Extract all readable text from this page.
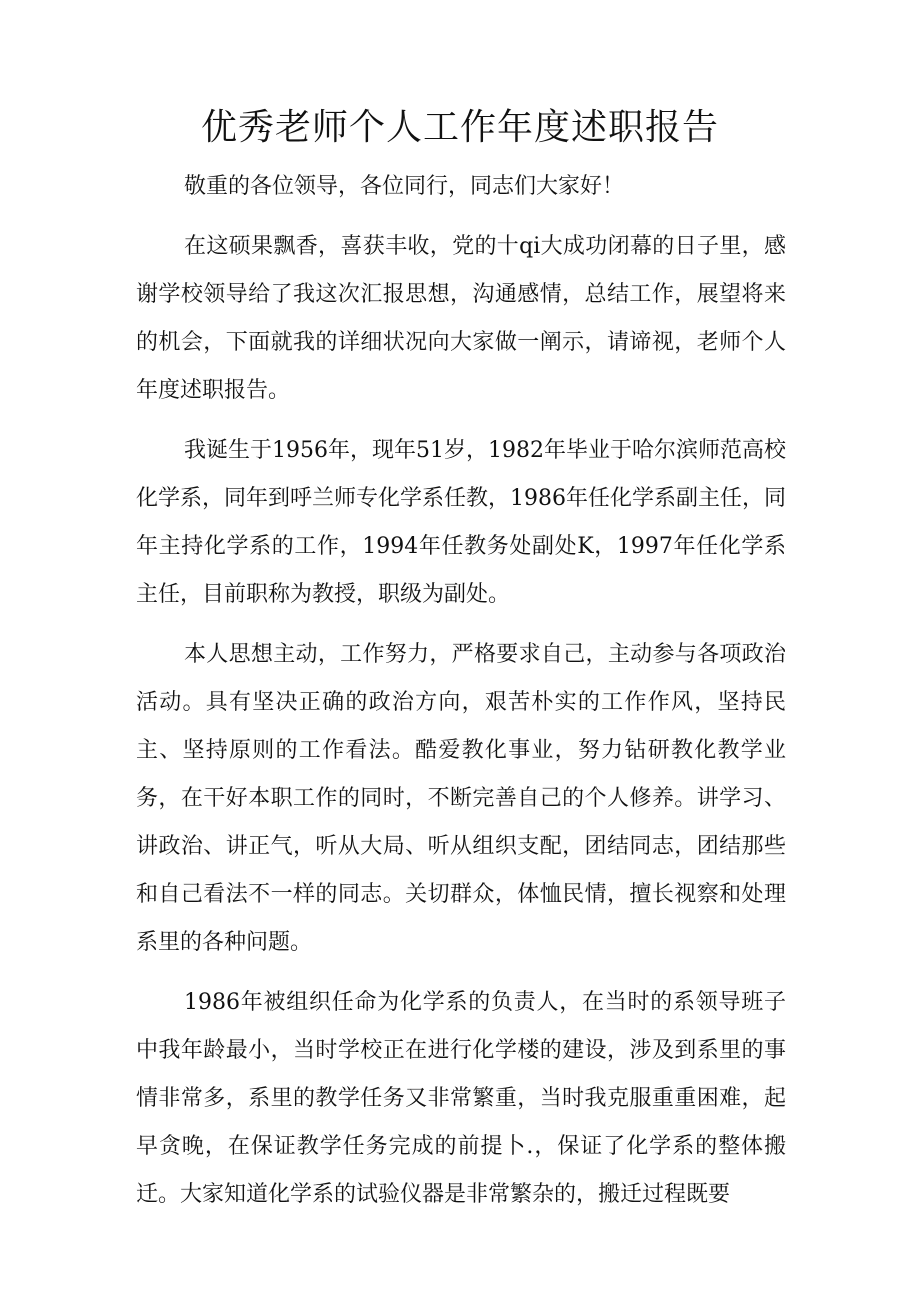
优秀老师个人工作年度述职报告

敬重的各位领导，各位同行，同志们大家好！

在这硕果飘香，喜获丰收，党的十qi大成功闭幕的日子里，感谢学校领导给了我这次汇报思想，沟通感情，总结工作，展望将来的机会，下面就我的详细状况向大家做一阐示，请谛视，老师个人年度述职报告。

我诞生于1956年，现年51岁，1982年毕业于哈尔滨师范高校化学系，同年到呼兰师专化学系任教，1986年任化学系副主任，同年主持化学系的工作，1994年任教务处副处K，1997年任化学系主任，目前职称为教授，职级为副处。

本人思想主动，工作努力，严格要求自己，主动参与各项政治活动。具有坚决正确的政治方向，艰苦朴实的工作作风，坚持民主、坚持原则的工作看法。酷爱教化事业，努力钻研教化教学业务，在干好本职工作的同时，不断完善自己的个人修养。讲学习、讲政治、讲正气，听从大局、听从组织支配，团结同志，团结那些和自己看法不一样的同志。关切群众，体恤民情，擅长视察和处理系里的各种问题。

1986年被组织任命为化学系的负责人，在当时的系领导班子中我年龄最小，当时学校正在进行化学楼的建设，涉及到系里的事情非常多，系里的教学任务又非常繁重，当时我克服重重困难，起早贪晚，在保证教学任务完成的前提卜.，保证了化学系的整体搬迁。大家知道化学系的试验仪器是非常繁杂的，搬迁过程既要
